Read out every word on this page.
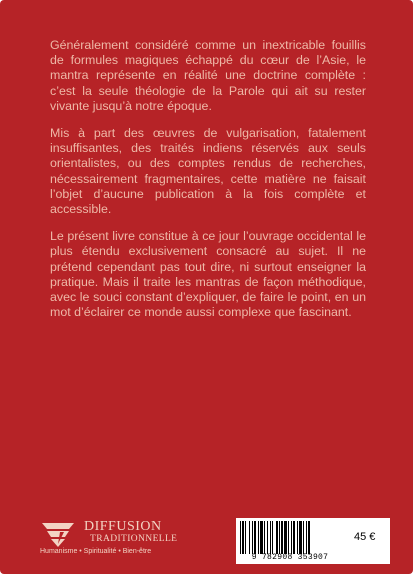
Généralement considéré comme un inextricable fouillis de formules magiques échappé du cœur de l’Asie, le mantra représente en réalité une doctrine complète : c’est la seule théologie de la Parole qui ait su rester vivante jusqu’à notre époque.

Mis à part des œuvres de vulgarisation, fatalement insuffisantes, des traités indiens réservés aux seuls orientalistes, ou des comptes rendus de recherches, nécessairement fragmentaires, cette matière ne faisait l’objet d’aucune publication à la fois complète et accessible.

Le présent livre constitue à ce jour l’ouvrage occidental le plus étendu exclusivement consacré au sujet. Il ne prétend cependant pas tout dire, ni surtout enseigner la pratique. Mais il traite les mantras de façon méthodique, avec le souci constant d’expliquer, de faire le point, en un mot d’éclairer ce monde aussi complexe que fascinant.

DIFFUSION
TRADITIONNELLE
Humanisme • Spiritualité • Bien-être
9 782908 353907
45 €
